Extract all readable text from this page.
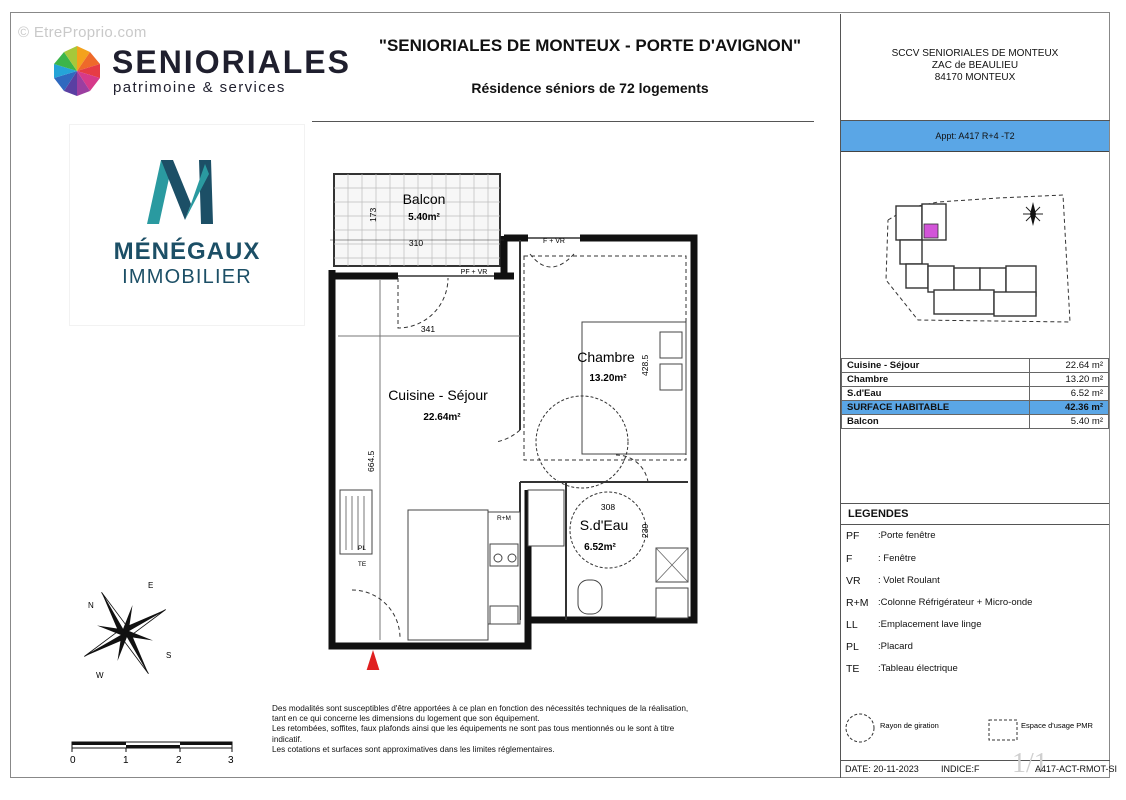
© EtreProprio.com
SENIORIALES
patrimoine & services
MÉNÉGAUX
IMMOBILIER
"SENIORIALES DE MONTEUX - PORTE D'AVIGNON"
Résidence séniors de 72 logements
SCCV SENIORIALES DE MONTEUX
ZAC de BEAULIEU
84170 MONTEUX
Appt: A417 R+4 -T2
Cuisine - Séjour	22.64 m²
Chambre	13.20 m²
S.d'Eau	6.52 m²
SURFACE HABITABLE	42.36 m²
Balcon	5.40 m²
LEGENDES
PF	:Porte fenêtre
F	: Fenêtre
VR	: Volet Roulant
R+M	:Colonne Réfrigérateur + Micro-onde
LL	:Emplacement lave linge
PL	:Placard
TE	:Tableau électrique
Rayon de giration	Espace d'usage PMR
1/1
DATE: 20-11-2023 INDICE:F	A417-ACT-RMOT-SI
Balcon
5.40m²
310
173
PF + VR
Cuisine - Séjour
22.64m²
341
664.5
Chambre
13.20m²
428.5
F + VR
S.d'Eau
6.52m²
308
239
R+M
PL
TE
N
E
S
W
0	1	2	3
Des modalités sont susceptibles d'être apportées à ce plan en fonction des nécessités techniques de la réalisation,
tant en ce qui concerne les dimensions du logement que son équipement.
Les retombées, soffites, faux plafonds ainsi que les équipements ne sont pas tous mentionnés ou le sont à titre
indicatif.
Les cotations et surfaces sont approximatives dans les limites réglementaires.
